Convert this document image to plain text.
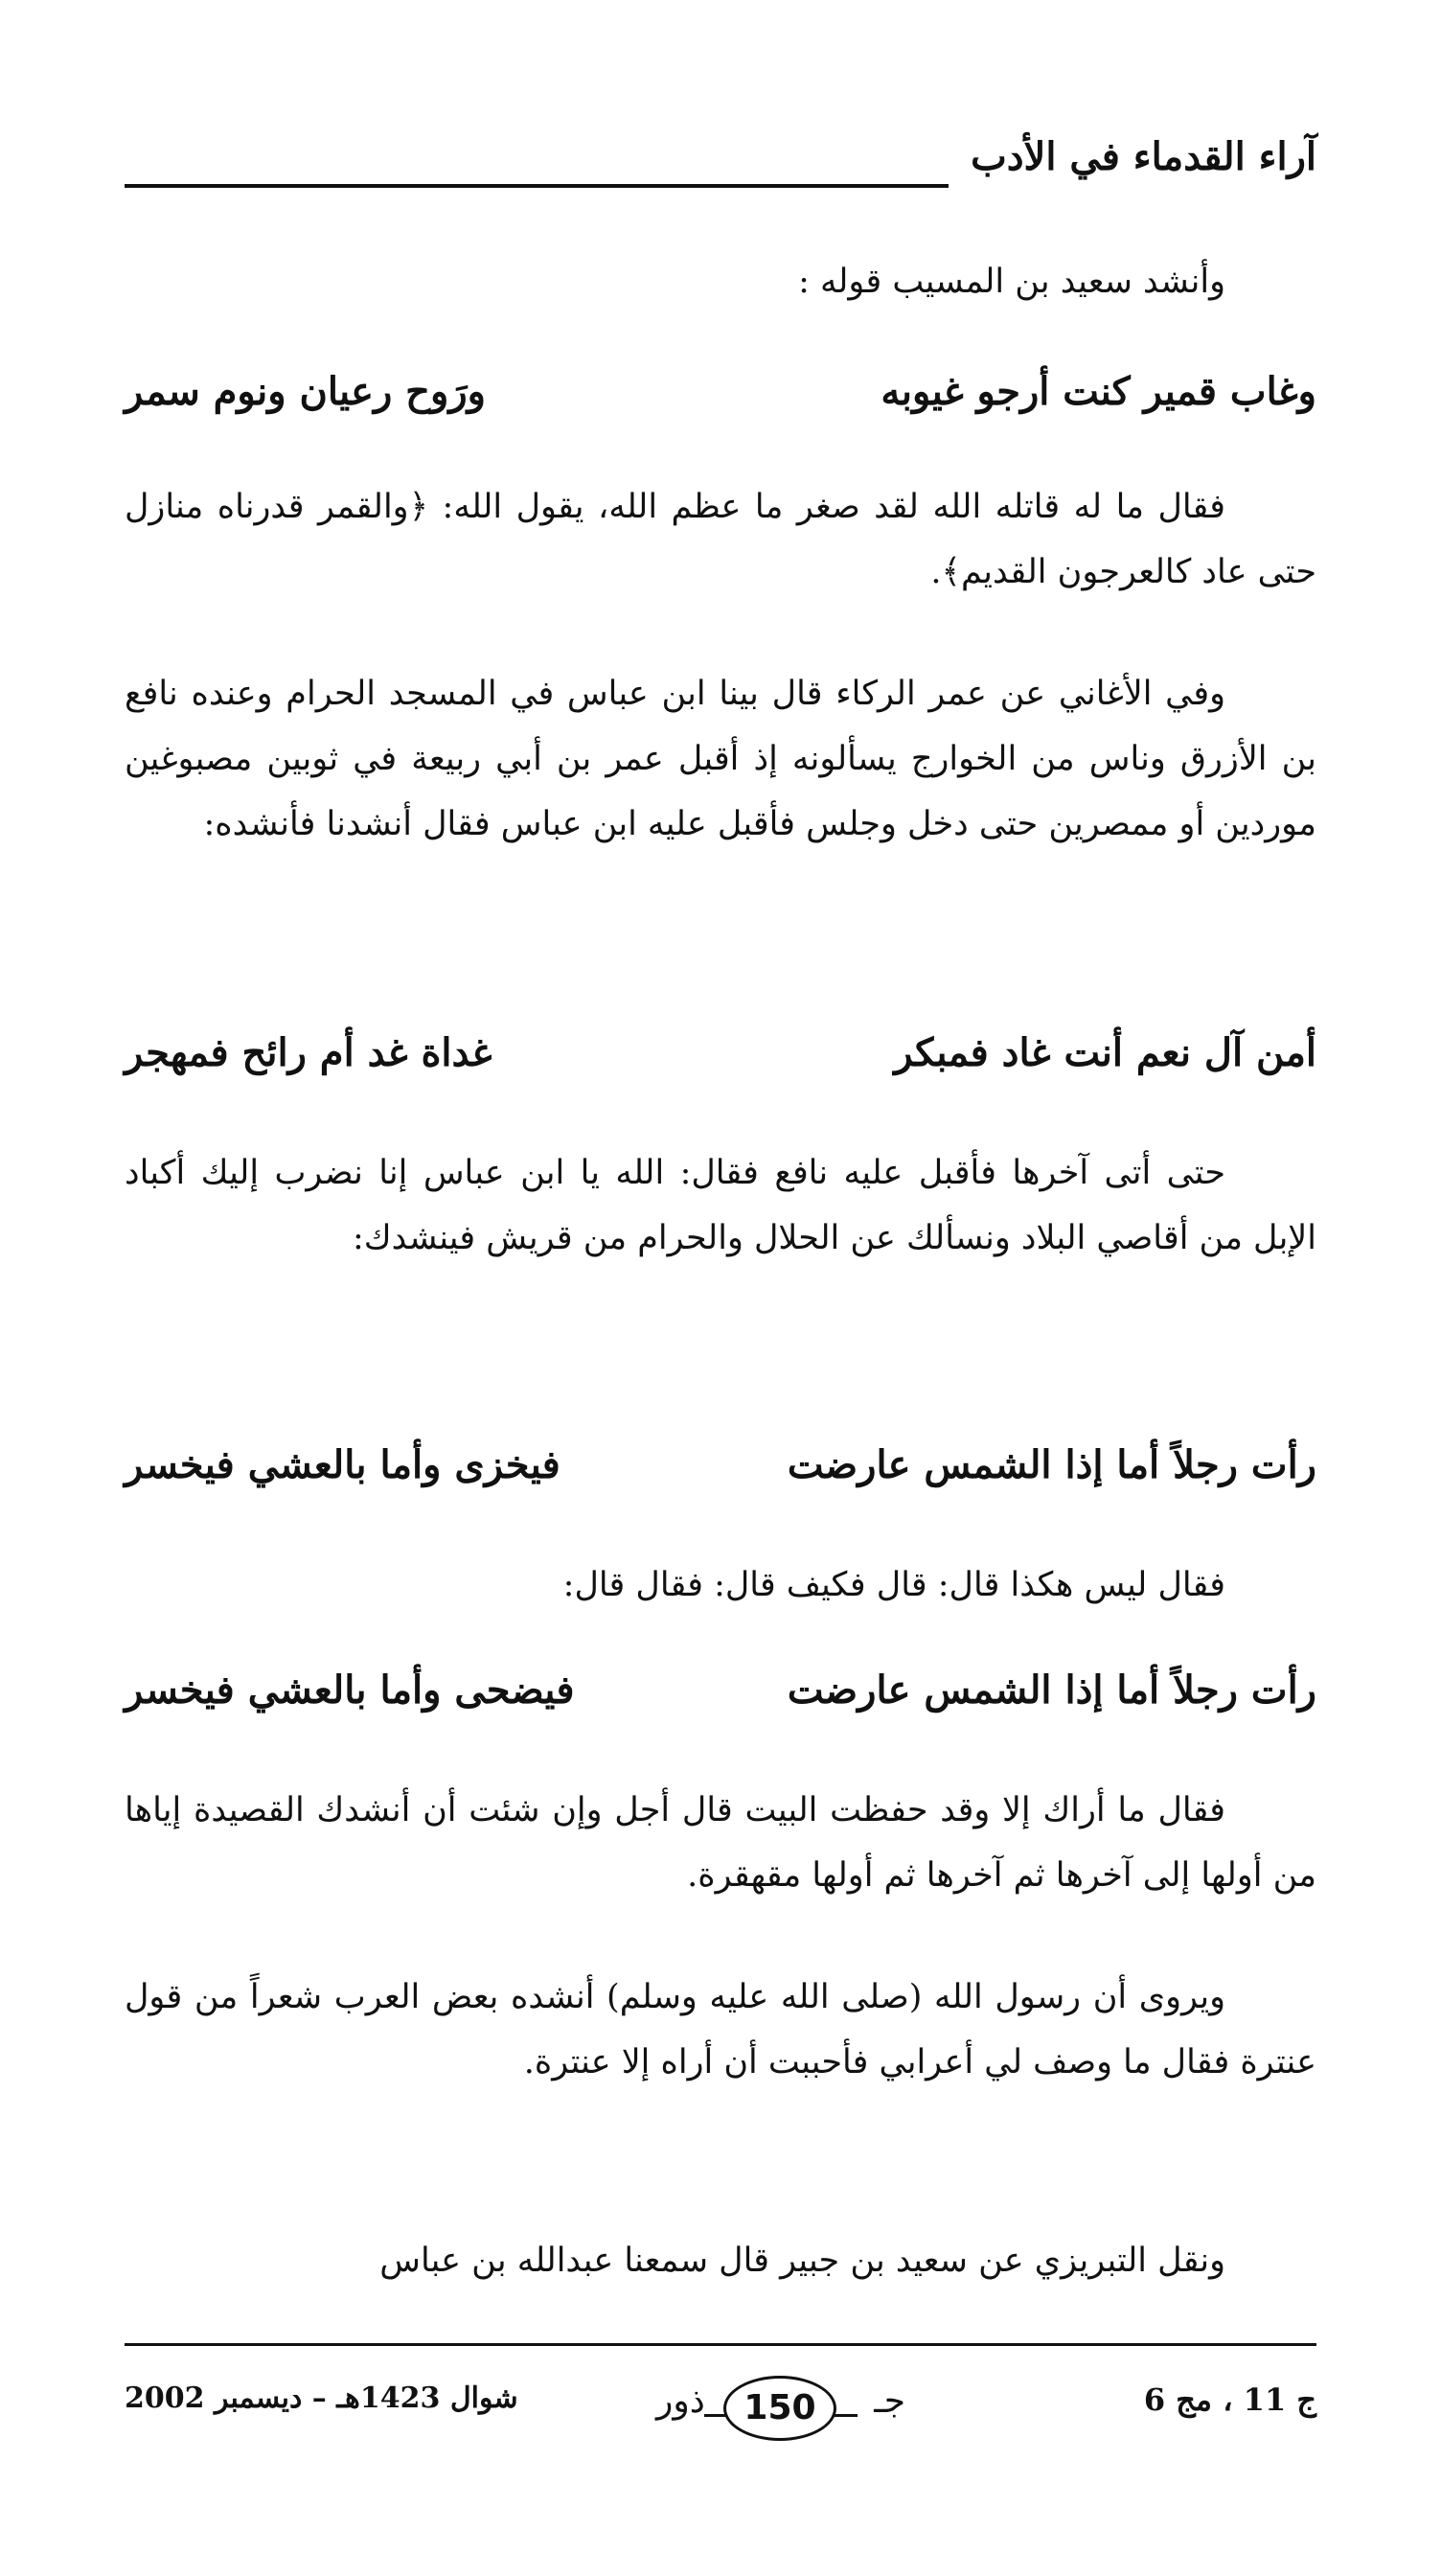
آراء القدماء في الأدب
وأنشد سعيد بن المسيب قوله :
وغاب قمير كنت أرجو غيوبه
ورَوح رعيان ونوم سمر
فقال ما له قاتله الله لقد صغر ما عظم الله، يقول الله: ﴿والقمر قدرناه منازل حتى عاد كالعرجون القديم﴾.
وفي الأغاني عن عمر الركاء قال بينا ابن عباس في المسجد الحرام وعنده نافع بن الأزرق وناس من الخوارج يسألونه إذ أقبل عمر بن أبي ربيعة في ثوبين مصبوغين موردين أو ممصرين حتى دخل وجلس فأقبل عليه ابن عباس فقال أنشدنا فأنشده:
أمن آل نعم أنت غاد فمبكر
غداة غد أم رائح فمهجر
حتى أتى آخرها فأقبل عليه نافع فقال: الله يا ابن عباس إنا نضرب إليك أكباد الإبل من أقاصي البلاد ونسألك عن الحلال والحرام من قريش فينشدك:
رأت رجلاً أما إذا الشمس عارضت
فيخزى وأما بالعشي فيخسر
فقال ليس هكذا قال: قال فكيف قال: فقال قال:
رأت رجلاً أما إذا الشمس عارضت
فيضحى وأما بالعشي فيخسر
فقال ما أراك إلا وقد حفظت البيت قال أجل وإن شئت أن أنشدك القصيدة إياها من أولها إلى آخرها ثم آخرها ثم أولها مقهقرة.
ويروى أن رسول الله (صلى الله عليه وسلم) أنشده بعض العرب شعراً من قول عنترة فقال ما وصف لي أعرابي فأحببت أن أراه إلا عنترة.
ونقل التبريزي عن سعيد بن جبير قال سمعنا عبدالله بن عباس
ج 11 ، مج 6
جـ
150
ذور
شوال 1423هـ – ديسمبر 2002
